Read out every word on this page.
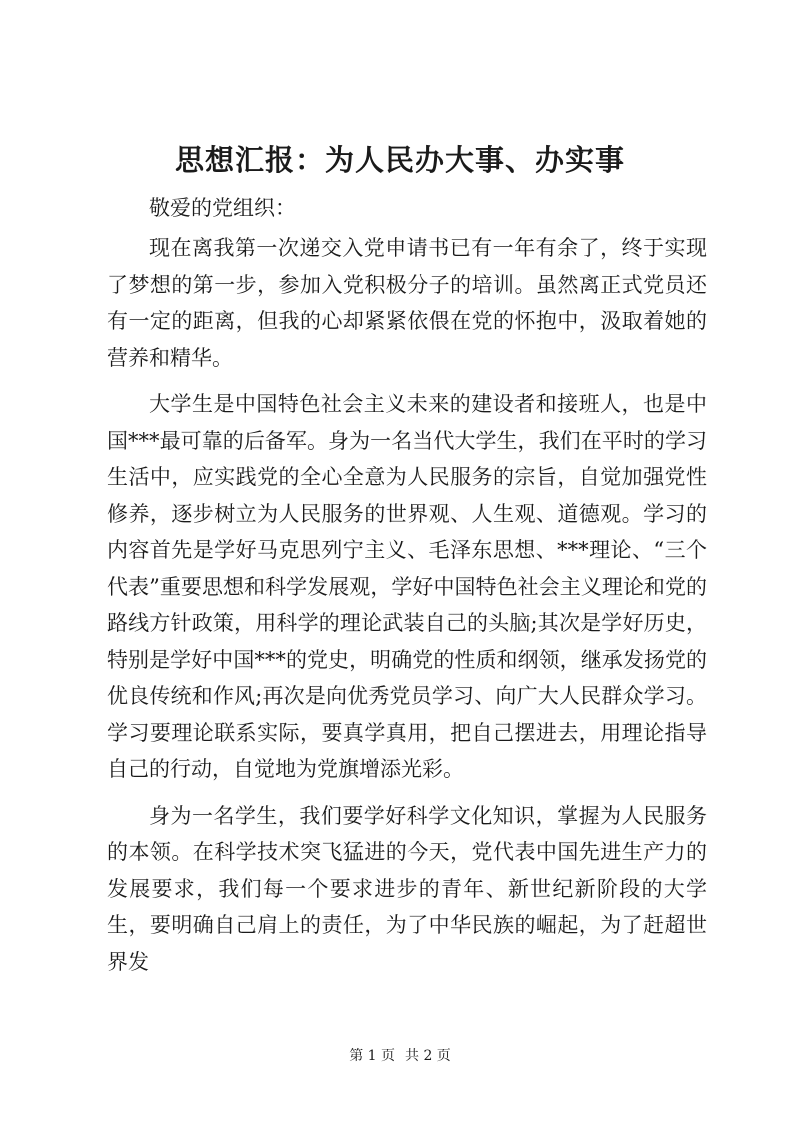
思想汇报：为人民办大事、办实事

敬爱的党组织：

现在离我第一次递交入党申请书已有一年有余了，终于实现了梦想的第一步，参加入党积极分子的培训。虽然离正式党员还有一定的距离，但我的心却紧紧依偎在党的怀抱中，汲取着她的营养和精华。

大学生是中国特色社会主义未来的建设者和接班人，也是中国***最可靠的后备军。身为一名当代大学生，我们在平时的学习生活中，应实践党的全心全意为人民服务的宗旨，自觉加强党性修养，逐步树立为人民服务的世界观、人生观、道德观。学习的内容首先是学好马克思列宁主义、毛泽东思想、***理论、“三个代表”重要思想和科学发展观，学好中国特色社会主义理论和党的路线方针政策，用科学的理论武装自己的头脑;其次是学好历史，特别是学好中国***的党史，明确党的性质和纲领，继承发扬党的优良传统和作风;再次是向优秀党员学习、向广大人民群众学习。学习要理论联系实际，要真学真用，把自己摆进去，用理论指导自己的行动，自觉地为党旗增添光彩。

身为一名学生，我们要学好科学文化知识，掌握为人民服务的本领。在科学技术突飞猛进的今天，党代表中国先进生产力的发展要求，我们每一个要求进步的青年、新世纪新阶段的大学生，要明确自己肩上的责任，为了中华民族的崛起，为了赶超世界发

第 1 页 共 2 页
